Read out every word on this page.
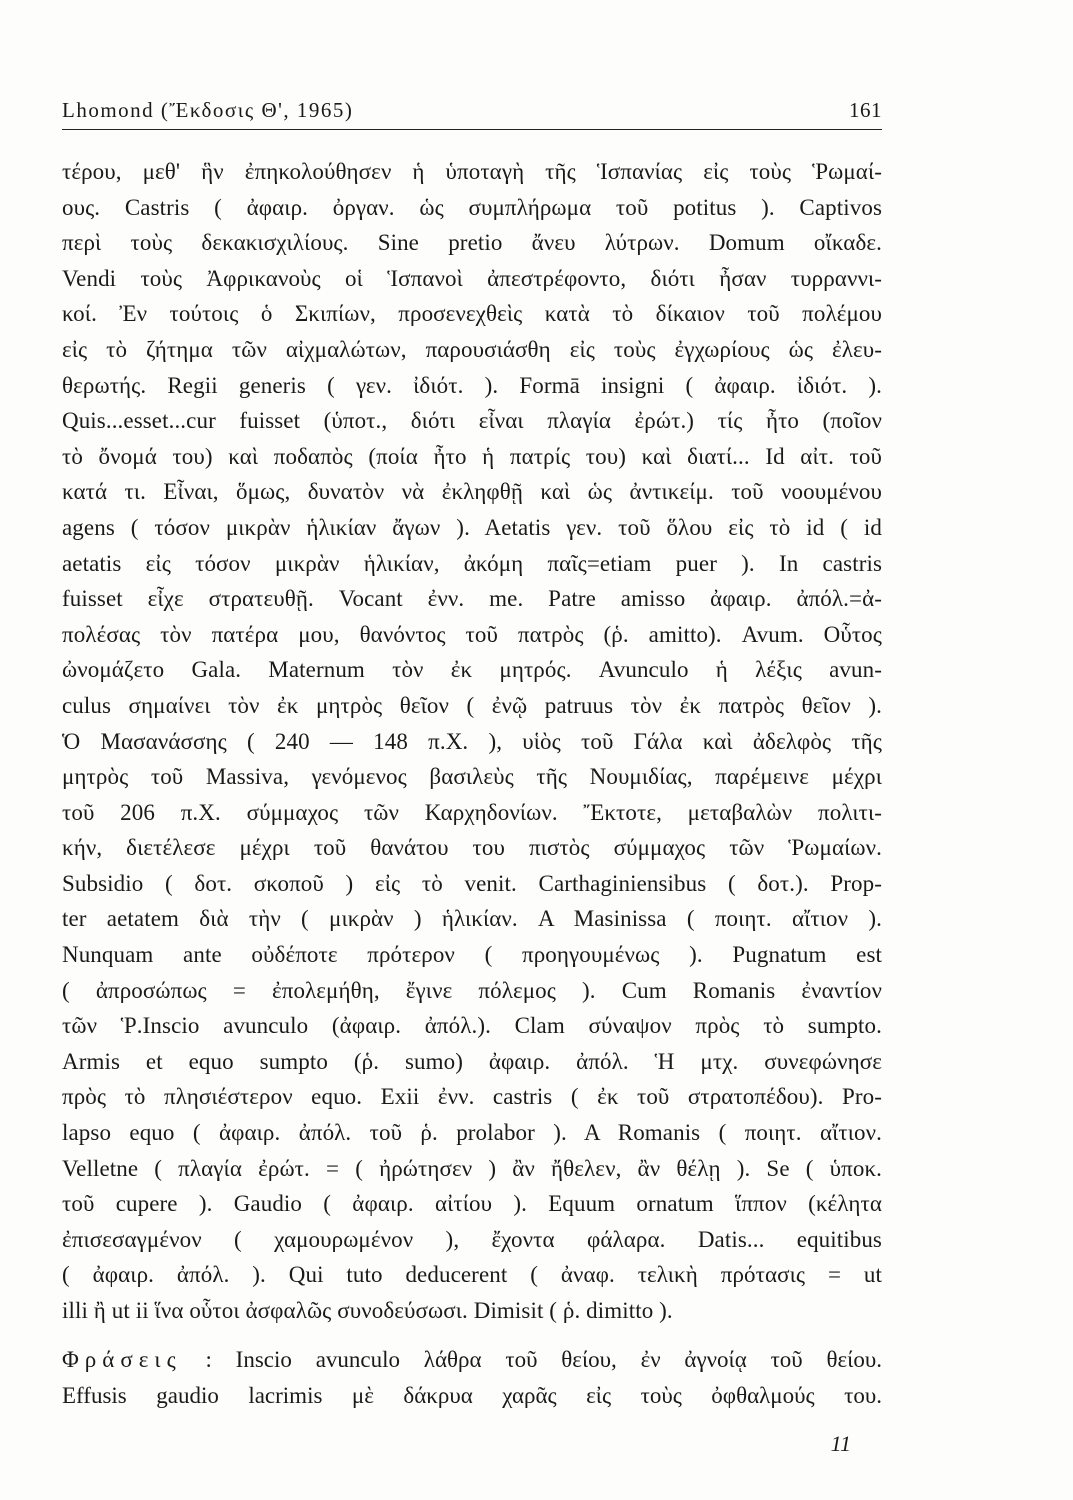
Lhomond (Ἔκδοσις Θ', 1965)	161
τέρου, μεθ' ἣν ἐπηκολούθησεν ἡ ὑποταγὴ τῆς Ἱσπανίας εἰς τοὺς Ῥωμαί-
ους. Castris ( ἀφαιρ. ὀργαν. ὡς συμπλήρωμα τοῦ potitus ). Captivos
περὶ τοὺς δεκακισχιλίους. Sine pretio ἄνευ λύτρων. Domum οἴκαδε.
Vendi τοὺς Ἀφρικανοὺς οἱ Ἱσπανοὶ ἀπεστρέφοντο, διότι ἦσαν τυρραννι-
κοί. Ἐν τούτοις ὁ Σκιπίων, προσενεχθεὶς κατὰ τὸ δίκαιον τοῦ πολέμου
εἰς τὸ ζήτημα τῶν αἰχμαλώτων, παρουσιάσθη εἰς τοὺς ἐγχωρίους ὡς ἐλευ-
θερωτής. Regii generis ( γεν. ἰδιότ. ). Formā insigni ( ἀφαιρ. ἰδιότ. ).
Quis...esset...cur fuisset (ὑποτ., διότι εἶναι πλαγία ἐρώτ.) τίς ἦτο (ποῖον
τὸ ὄνομά του) καὶ ποδαπὸς (ποία ἦτο ἡ πατρίς του) καὶ διατί... Id αἰτ. τοῦ
κατά τι. Εἶναι, ὅμως, δυνατὸν νὰ ἐκληφθῇ καὶ ὡς ἀντικείμ. τοῦ νοουμένου
agens ( τόσον μικρὰν ἡλικίαν ἄγων ). Aetatis γεν. τοῦ ὅλου εἰς τὸ id ( id
aetatis εἰς τόσον μικρὰν ἡλικίαν, ἀκόμη παῖς=etiam puer ). In castris
fuisset εἶχε στρατευθῇ. Vocant ἐνν. me. Patre amisso ἀφαιρ. ἀπόλ.=ἀ-
πολέσας τὸν πατέρα μου, θανόντος τοῦ πατρὸς (ῥ. amitto). Avum. Οὗτος
ὠνομάζετο Gala. Maternum τὸν ἐκ μητρός. Avunculo ἡ λέξις avun-
culus σημαίνει τὸν ἐκ μητρὸς θεῖον ( ἐνῷ patruus τὸν ἐκ πατρὸς θεῖον ).
Ὁ Μασανάσσης ( 240 — 148 π.Χ. ), υἱὸς τοῦ Γάλα καὶ ἀδελφὸς τῆς
μητρὸς τοῦ Massiva, γενόμενος βασιλεὺς τῆς Νουμιδίας, παρέμεινε μέχρι
τοῦ 206 π.Χ. σύμμαχος τῶν Καρχηδονίων. Ἔκτοτε, μεταβαλὼν πολιτι-
κήν, διετέλεσε μέχρι τοῦ θανάτου του πιστὸς σύμμαχος τῶν Ῥωμαίων.
Subsidio ( δοτ. σκοποῦ ) εἰς τὸ venit. Carthaginiensibus ( δοτ.). Prop-
ter aetatem διὰ τὴν ( μικρὰν ) ἡλικίαν. A Masinissa ( ποιητ. αἴτιον ).
Nunquam ante οὐδέποτε πρότερον ( προηγουμένως ). Pugnatum est
( ἀπροσώπως = ἐπολεμήθη, ἔγινε πόλεμος ). Cum Romanis ἐναντίον
τῶν Ῥ.Inscio avunculo (ἀφαιρ. ἀπόλ.). Clam σύναψον πρὸς τὸ sumpto.
Armis et equo sumpto (ῥ. sumo) ἀφαιρ. ἀπόλ. Ἡ μτχ. συνεφώνησε
πρὸς τὸ πλησιέστερον equo. Exii ἐνν. castris ( ἐκ τοῦ στρατοπέδου). Pro-
lapso equo ( ἀφαιρ. ἀπόλ. τοῦ ῥ. prolabor ). A Romanis ( ποιητ. αἴτιον.
Velletne ( πλαγία ἐρώτ. = ( ἠρώτησεν ) ἂν ἤθελεν, ἂν θέλῃ ). Se ( ὑποκ.
τοῦ cupere ). Gaudio ( ἀφαιρ. αἰτίου ). Equum ornatum ἵππον (κέλητα
ἐπισεσαγμένον ( χαμουρωμένον ), ἔχοντα φάλαρα. Datis... equitibus
( ἀφαιρ. ἀπόλ. ). Qui tuto deducerent ( ἀναφ. τελικὴ πρότασις = ut
illi ἢ ut ii ἵνα οὗτοι ἀσφαλῶς συνοδεύσωσι. Dimisit ( ῥ. dimitto ).
Φράσεις : Inscio avunculo λάθρα τοῦ θείου, ἐν ἀγνοίᾳ τοῦ θείου.
Effusis gaudio lacrimis μὲ δάκρυα χαρᾶς εἰς τοὺς ὀφθαλμούς του.
11
